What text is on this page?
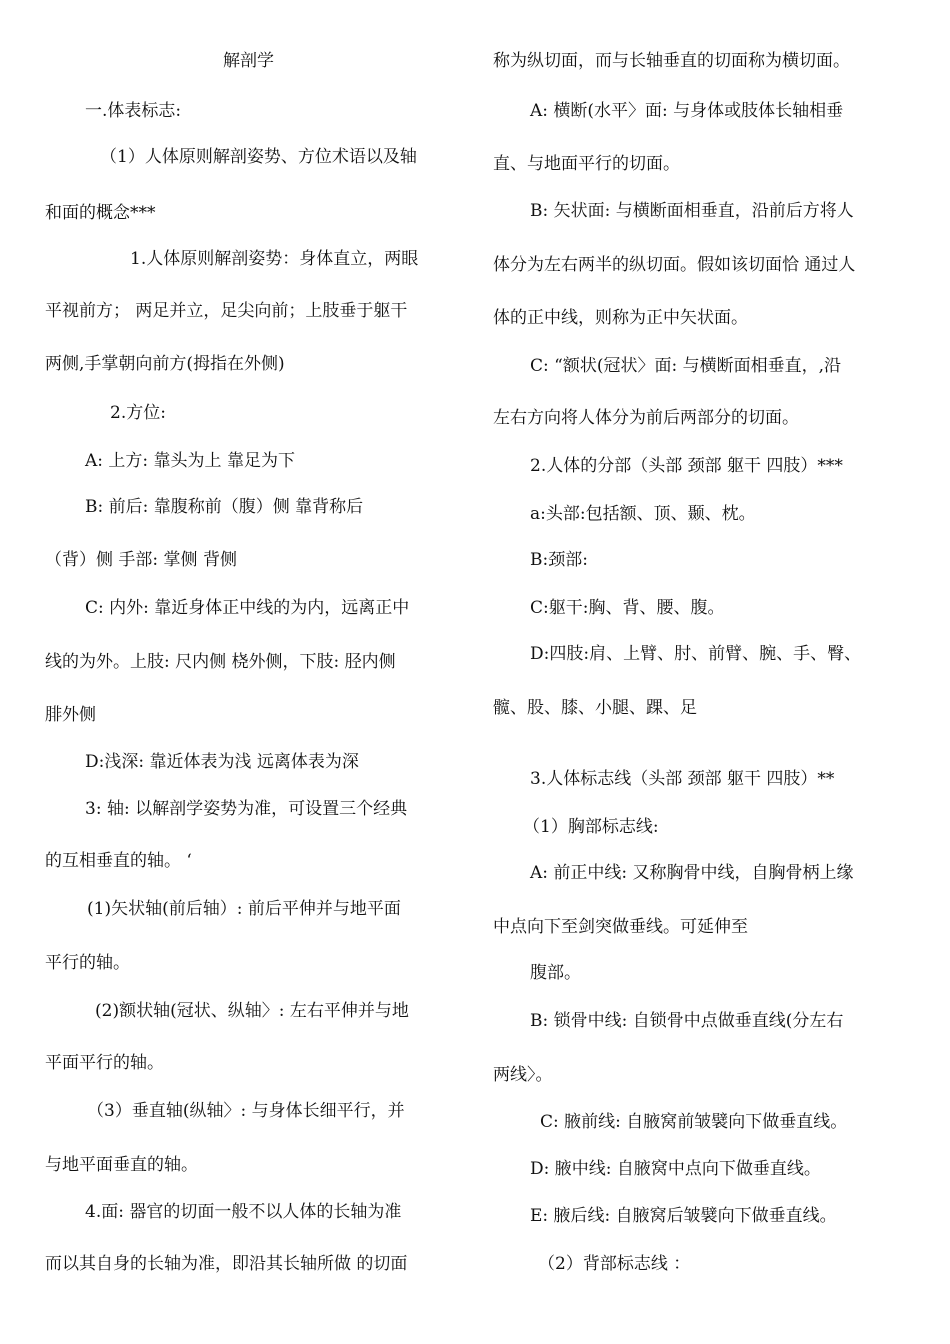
解剖学
一.体表标志:
（1）人体原则解剖姿势、方位术语以及轴
和面的概念***
1.人体原则解剖姿势：身体直立，两眼
平视前方； 两足并立，足尖向前；上肢垂于躯干
两侧,手掌朝向前方(拇指在外侧)
2.方位:
A: 上方: 靠头为上 靠足为下
B: 前后: 靠腹称前（腹）侧 靠背称后
（背）侧 手部: 掌侧 背侧
C: 内外: 靠近身体正中线的为内，远离正中
线的为外。上肢: 尺内侧 桡外侧，下肢: 胫内侧
腓外侧
D:浅深: 靠近体表为浅 远离体表为深
3: 轴: 以解剖学姿势为准，可设置三个经典
的互相垂直的轴。 ‘
(1)矢状轴(前后轴）: 前后平伸并与地平面
平行的轴。
(2)额状轴(冠状、纵轴〉: 左右平伸并与地
平面平行的轴。
（3）垂直轴(纵轴〉: 与身体长细平行，并
与地平面垂直的轴。
4.面: 器官的切面一般不以人体的长轴为准
而以其自身的长轴为准，即沿其长轴所做 的切面
称为纵切面，而与长轴垂直的切面称为横切面。
A: 横断(水平〉面: 与身体或肢体长轴相垂
直、与地面平行的切面。
B: 矢状面: 与横断面相垂直，沿前后方将人
体分为左右两半的纵切面。假如该切面恰 通过人
体的正中线，则称为正中矢状面。
C: “额状(冠状〉面: 与横断面相垂直，,沿
左右方向将人体分为前后两部分的切面。
2.人体的分部（头部 颈部 躯干 四肢）***
a:头部:包括额、顶、颞、枕。
B:颈部:
C:躯干:胸、背、腰、腹。
D:四肢:肩、上臂、肘、前臂、腕、手、臀、
髋、股、膝、小腿、踝、足
3.人体标志线（头部 颈部 躯干 四肢）**
（1）胸部标志线:
A: 前正中线: 又称胸骨中线，自胸骨柄上缘
中点向下至剑突做垂线。可延伸至
腹部。
B: 锁骨中线: 自锁骨中点做垂直线(分左右
两线〉。
C: 腋前线: 自腋窝前皱襞向下做垂直线。
D: 腋中线: 自腋窝中点向下做垂直线。
E: 腋后线: 自腋窝后皱襞向下做垂直线。
（2）背部标志线 ：
